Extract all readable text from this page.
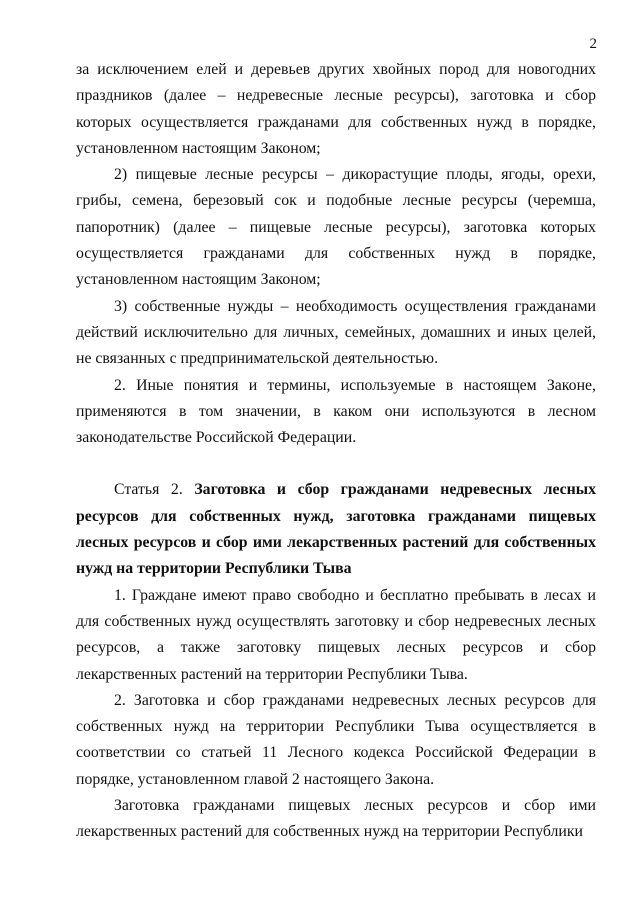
2

за исключением елей и деревьев других хвойных пород для новогодних праздников (далее – недревесные лесные ресурсы), заготовка и сбор которых осуществляется гражданами для собственных нужд в порядке, установленном настоящим Законом;

2) пищевые лесные ресурсы – дикорастущие плоды, ягоды, орехи, грибы, семена, березовый сок и подобные лесные ресурсы (черемша, папоротник) (далее – пищевые лесные ресурсы), заготовка которых осуществляется гражданами для собственных нужд в порядке, установленном настоящим Законом;

3) собственные нужды – необходимость осуществления гражданами действий исключительно для личных, семейных, домашних и иных целей, не связанных с предпринимательской деятельностью.

2. Иные понятия и термины, используемые в настоящем Законе, применяются в том значении, в каком они используются в лесном законодательстве Российской Федерации.

Статья 2. Заготовка и сбор гражданами недревесных лесных ресурсов для собственных нужд, заготовка гражданами пищевых лесных ресурсов и сбор ими лекарственных растений для собственных нужд на территории Республики Тыва

1. Граждане имеют право свободно и бесплатно пребывать в лесах и для собственных нужд осуществлять заготовку и сбор недревесных лесных ресурсов, а также заготовку пищевых лесных ресурсов и сбор лекарственных растений на территории Республики Тыва.

2. Заготовка и сбор гражданами недревесных лесных ресурсов для собственных нужд на территории Республики Тыва осуществляется в соответствии со статьей 11 Лесного кодекса Российской Федерации в порядке, установленном главой 2 настоящего Закона.

Заготовка гражданами пищевых лесных ресурсов и сбор ими лекарственных растений для собственных нужд на территории Республики
